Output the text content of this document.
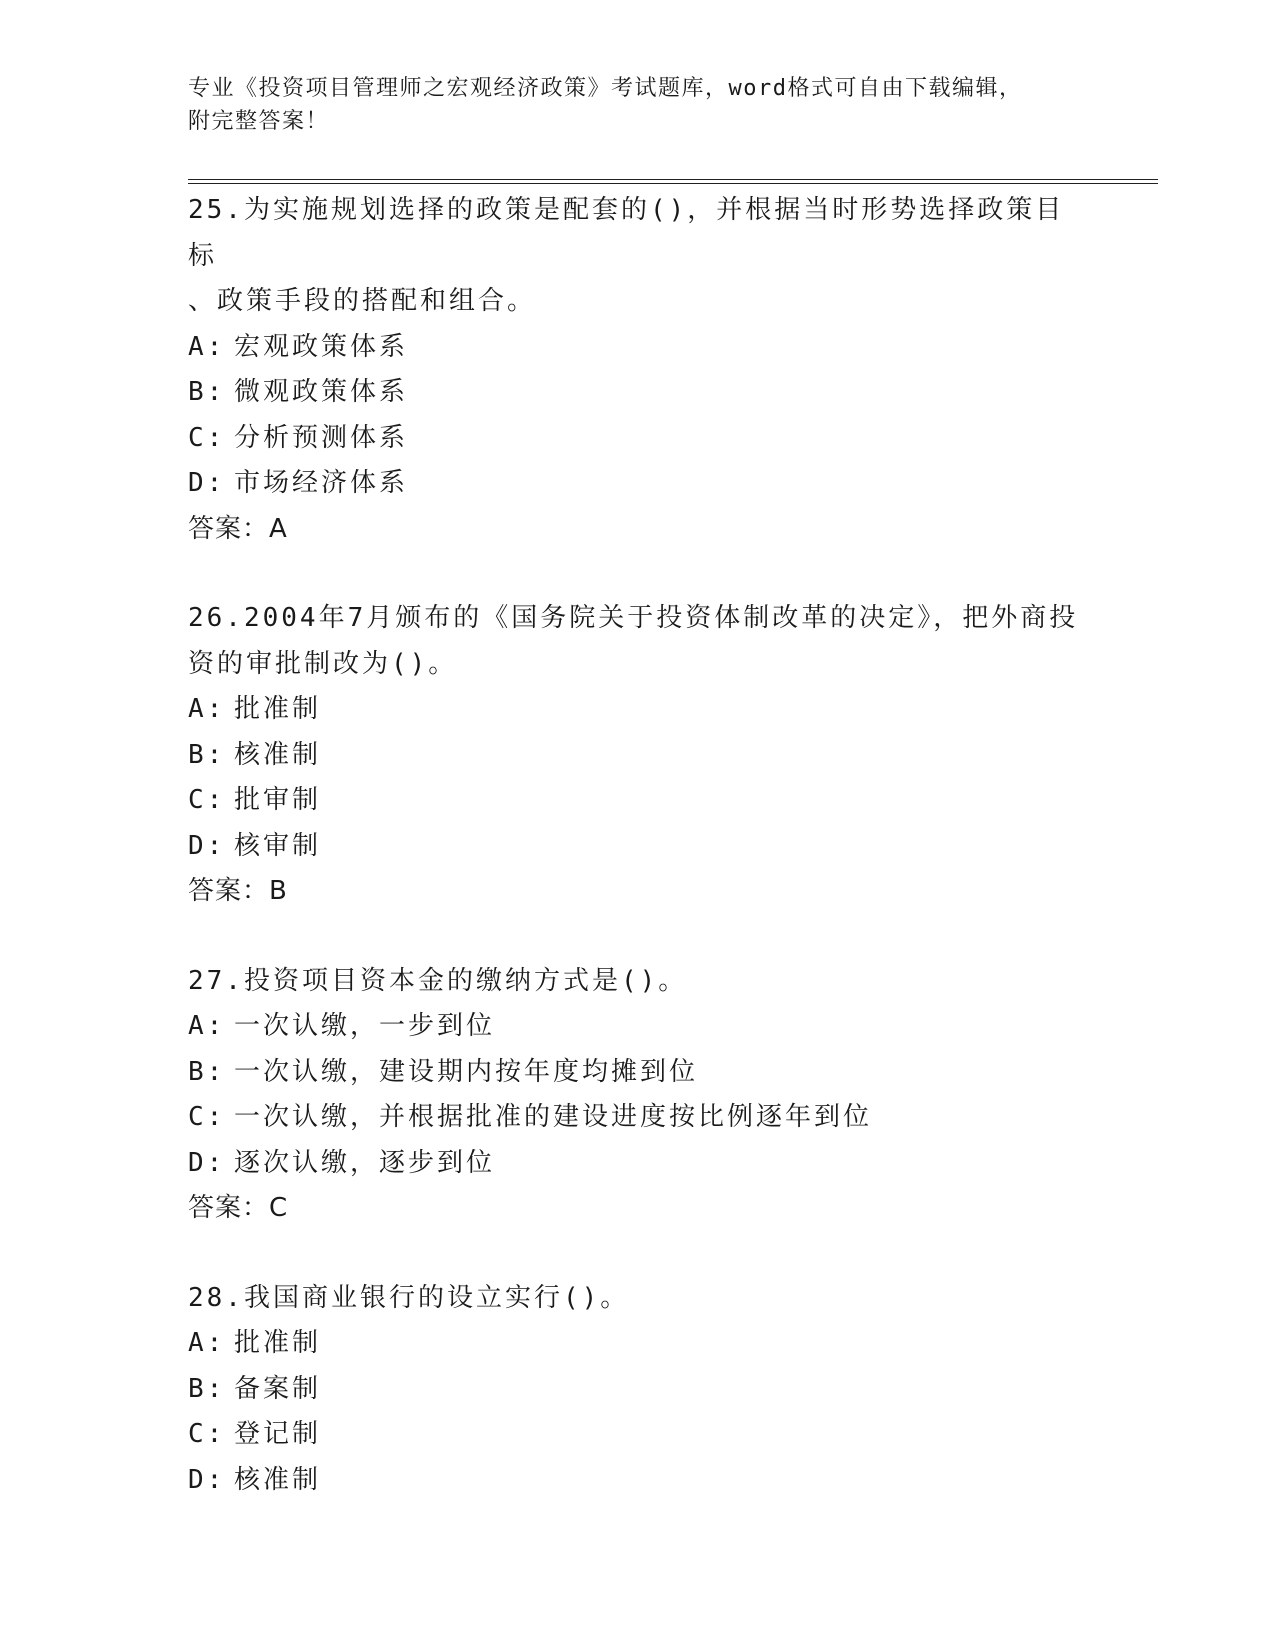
专业《投资项目管理师之宏观经济政策》考试题库，word格式可自由下载编辑，
附完整答案！
25.为实施规划选择的政策是配套的()，并根据当时形势选择政策目标
、政策手段的搭配和组合。
A: 宏观政策体系
B: 微观政策体系
C: 分析预测体系
D: 市场经济体系
答案：A
26.2004年7月颁布的《国务院关于投资体制改革的决定》，把外商投
资的审批制改为()。
A: 批准制
B: 核准制
C: 批审制
D: 核审制
答案：B
27.投资项目资本金的缴纳方式是()。
A: 一次认缴，一步到位
B: 一次认缴，建设期内按年度均摊到位
C: 一次认缴，并根据批准的建设进度按比例逐年到位
D: 逐次认缴，逐步到位
答案：C
28.我国商业银行的设立实行()。
A: 批准制
B: 备案制
C: 登记制
D: 核准制
